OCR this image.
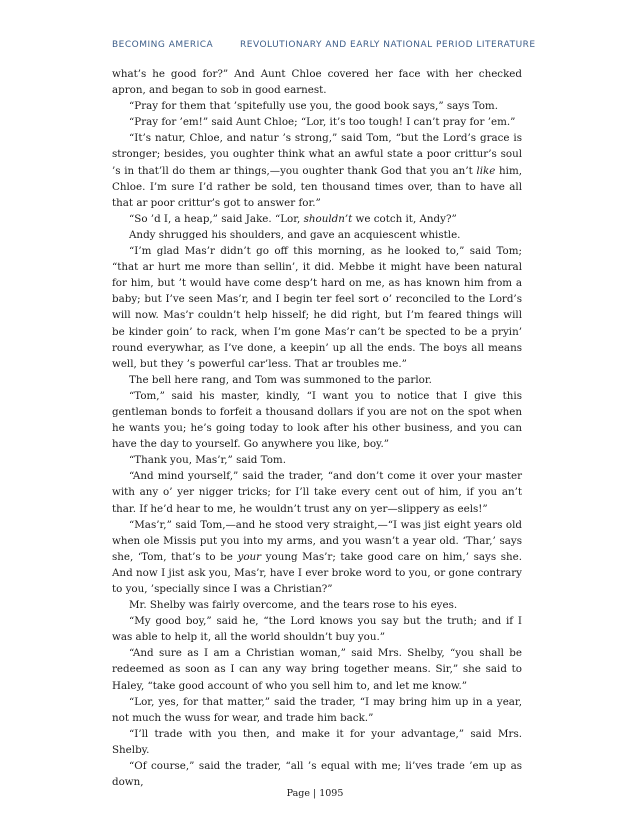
BECOMING AMERICA	REVOLUTIONARY AND EARLY NATIONAL PERIOD LITERATURE

what’s he good for?” And Aunt Chloe covered her face with her checked apron, and began to sob in good earnest.

“Pray for them that ’spitefully use you, the good book says,” says Tom.

“Pray for ’em!” said Aunt Chloe; “Lor, it’s too tough! I can’t pray for ’em.”

“It’s natur, Chloe, and natur ’s strong,” said Tom, “but the Lord’s grace is stronger; besides, you oughter think what an awful state a poor crittur’s soul ’s in that’ll do them ar things,—you oughter thank God that you an’t like him, Chloe. I’m sure I’d rather be sold, ten thousand times over, than to have all that ar poor crittur’s got to answer for.”

“So ’d I, a heap,” said Jake. “Lor, shouldn’t we cotch it, Andy?”

Andy shrugged his shoulders, and gave an acquiescent whistle.

“I’m glad Mas’r didn’t go off this morning, as he looked to,” said Tom; “that ar hurt me more than sellin’, it did. Mebbe it might have been natural for him, but ’t would have come desp’t hard on me, as has known him from a baby; but I’ve seen Mas’r, and I begin ter feel sort o’ reconciled to the Lord’s will now. Mas’r couldn’t help hisself; he did right, but I’m feared things will be kinder goin’ to rack, when I’m gone Mas’r can’t be spected to be a pryin’ round everywhar, as I’ve done, a keepin’ up all the ends. The boys all means well, but they ’s powerful car’less. That ar troubles me.”

The bell here rang, and Tom was summoned to the parlor.

“Tom,” said his master, kindly, “I want you to notice that I give this gentleman bonds to forfeit a thousand dollars if you are not on the spot when he wants you; he’s going today to look after his other business, and you can have the day to yourself. Go anywhere you like, boy.”

“Thank you, Mas’r,” said Tom.

“And mind yourself,” said the trader, “and don’t come it over your master with any o’ yer nigger tricks; for I’ll take every cent out of him, if you an’t thar. If he’d hear to me, he wouldn’t trust any on yer—slippery as eels!”

“Mas’r,” said Tom,—and he stood very straight,—“I was jist eight years old when ole Missis put you into my arms, and you wasn’t a year old. ‘Thar,’ says she, ‘Tom, that’s to be your young Mas’r; take good care on him,’ says she. And now I jist ask you, Mas’r, have I ever broke word to you, or gone contrary to you, ’specially since I was a Christian?”

Mr. Shelby was fairly overcome, and the tears rose to his eyes.

“My good boy,” said he, “the Lord knows you say but the truth; and if I was able to help it, all the world shouldn’t buy you.”

“And sure as I am a Christian woman,” said Mrs. Shelby, “you shall be redeemed as soon as I can any way bring together means. Sir,” she said to Haley, “take good account of who you sell him to, and let me know.”

“Lor, yes, for that matter,” said the trader, “I may bring him up in a year, not much the wuss for wear, and trade him back.”

“I’ll trade with you then, and make it for your advantage,” said Mrs. Shelby.

“Of course,” said the trader, “all ’s equal with me; li’ves trade ’em up as down,

Page | 1095
